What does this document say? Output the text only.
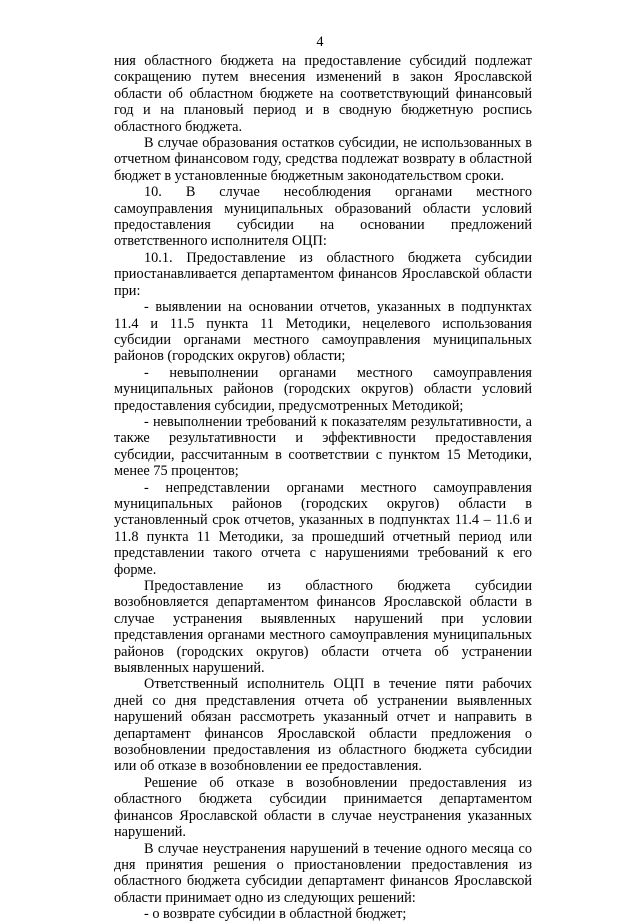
4

ния областного бюджета на предоставление субсидий подлежат сокращению путем внесения изменений в закон Ярославской области об областном бюджете на соответствующий финансовый год и на плановый период и в сводную бюджетную роспись областного бюджета.

В случае образования остатков субсидии, не использованных в отчетном финансовом году, средства подлежат возврату в областной бюджет в установленные бюджетным законодательством сроки.

10. В случае несоблюдения органами местного самоуправления муниципальных образований области условий предоставления субсидии на основании предложений ответственного исполнителя ОЦП:

10.1. Предоставление из областного бюджета субсидии приостанавливается департаментом финансов Ярославской области при:

- выявлении на основании отчетов, указанных в подпунктах 11.4 и 11.5 пункта 11 Методики, нецелевого использования субсидии органами местного самоуправления муниципальных районов (городских округов) области;

- невыполнении органами местного самоуправления муниципальных районов (городских округов) области условий предоставления субсидии, предусмотренных Методикой;

- невыполнении требований к показателям результативности, а также результативности и эффективности предоставления субсидии, рассчитанным в соответствии с пунктом 15 Методики, менее 75 процентов;

- непредставлении органами местного самоуправления муниципальных районов (городских округов) области в установленный срок отчетов, указанных в подпунктах 11.4 – 11.6 и 11.8 пункта 11 Методики, за прошедший отчетный период или представлении такого отчета с нарушениями требований к его форме.

Предоставление из областного бюджета субсидии возобновляется департаментом финансов Ярославской области в случае устранения выявленных нарушений при условии представления органами местного самоуправления муниципальных районов (городских округов) области отчета об устранении выявленных нарушений.

Ответственный исполнитель ОЦП в течение пяти рабочих дней со дня представления отчета об устранении выявленных нарушений обязан рассмотреть указанный отчет и направить в департамент финансов Ярославской области предложения о возобновлении предоставления из областного бюджета субсидии или об отказе в возобновлении ее предоставления.

Решение об отказе в возобновлении предоставления из областного бюджета субсидии принимается департаментом финансов Ярославской области в случае неустранения указанных нарушений.

В случае неустранения нарушений в течение одного месяца со дня принятия решения о приостановлении предоставления из областного бюджета субсидии департамент финансов Ярославской области принимает одно из следующих решений:

- о возврате субсидии в областной бюджет;
